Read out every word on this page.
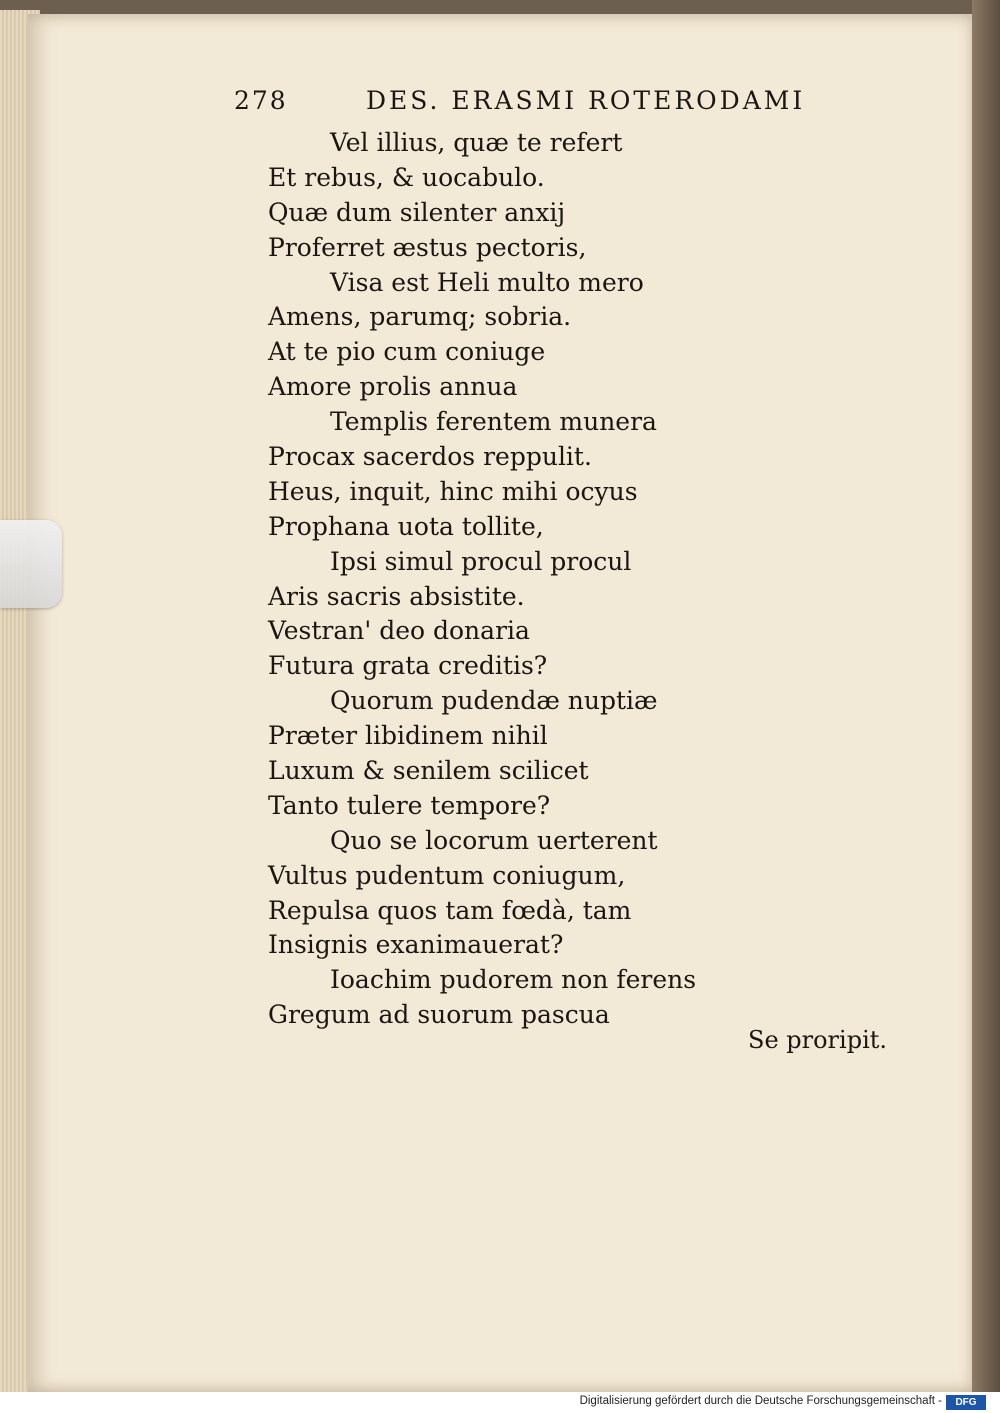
278	DES. ERASMI ROTERODAMI
Vel illius, quæ te refert
Et rebus, & uocabulo.
Quæ dum silenter anxij
Proferret æstus pectoris,
Visa est Heli multo mero
Amens, parumq; sobria.
At te pio cum coniuge
Amore prolis annua
Templis ferentem munera
Procax sacerdos reppulit.
Heus, inquit, hinc mihi ocyus
Prophana uota tollite,
Ipsi simul procul procul
Aris sacris absistite.
Vestran' deo donaria
Futura grata creditis?
Quorum pudendæ nuptiæ
Præter libidinem nihil
Luxum & senilem scilicet
Tanto tulere tempore?
Quo se locorum uerterent
Vultus pudentum coniugum,
Repulsa quos tam fœdà, tam
Insignis exanimauerat?
Ioachim pudorem non ferens
Gregum ad suorum pascua
Se proripit.
Digitalisierung gefördert durch die Deutsche Forschungsgemeinschaft -	DFG
